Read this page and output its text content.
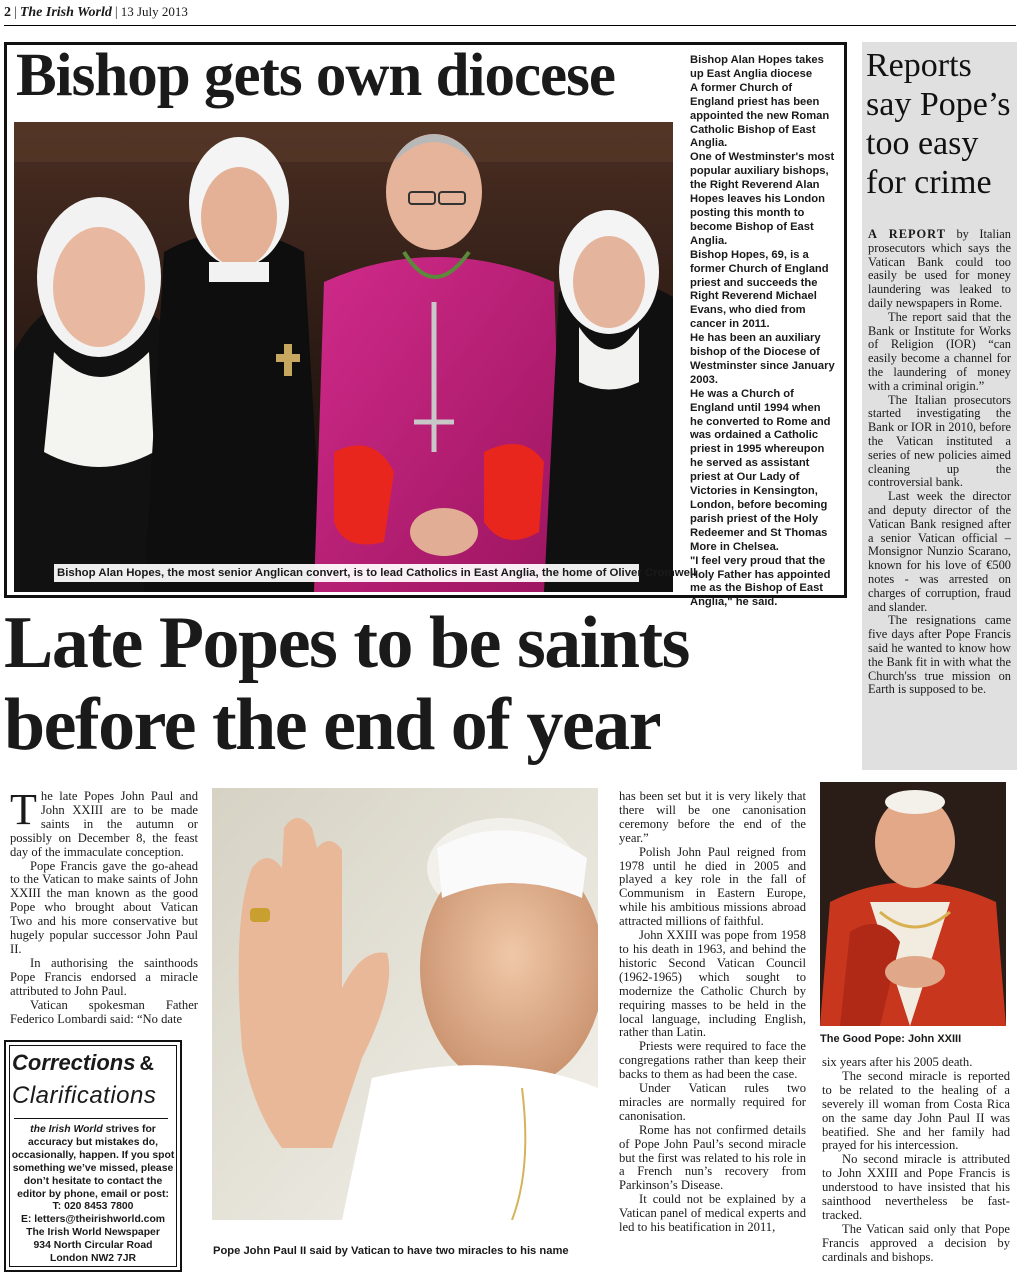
2 | The Irish World | 13 July 2013
Bishop gets own diocese
Bishop Alan Hopes, the most senior Anglican convert, is to lead Catholics in East Anglia, the home of Oliver Cromwell

Bishop Alan Hopes takes up East Anglia diocese

A former Church of England priest has been appointed the new Roman Catholic Bishop of East Anglia.

One of Westminster's most popular auxiliary bishops, the Right Reverend Alan Hopes leaves his London posting this month to become Bishop of East Anglia.

Bishop Hopes, 69, is a former Church of England priest and succeeds the Right Reverend Michael Evans, who died from cancer in 2011.

He has been an auxiliary bishop of the Diocese of Westminster since January 2003.

He was a Church of England until 1994 when he converted to Rome and was ordained a Catholic priest in 1995 whereupon he served as assistant priest at Our Lady of Victories in Kensington, London, before becoming parish priest of the Holy Redeemer and St Thomas More in Chelsea.

"I feel very proud that the Holy Father has appointed me as the Bishop of East Anglia," he said.

Reports say Pope’s too easy for crime

A REPORT by Italian prosecutors which says the Vatican Bank could too easily be used for money laundering was leaked to daily newspapers in Rome.

The report said that the Bank or Institute for Works of Religion (IOR) “can easily become a channel for the laundering of money with a criminal origin.”

The Italian prosecutors started investigating the Bank or IOR in 2010, before the Vatican instituted a series of new policies aimed cleaning up the controversial bank.

Last week the director and deputy director of the Vatican Bank resigned after a senior Vatican official – Monsignor Nunzio Scarano, known for his love of €500 notes - was arrested on charges of corruption, fraud and slander.

The resignations came five days after Pope Francis said he wanted to know how the Bank fit in with what the Church'ss true mission on Earth is supposed to be.

Late Popes to be saints
before the end of year

The late Popes John Paul and John XXIII are to be made saints in the autumn or possibly on December 8, the feast day of the immaculate conception.

Pope Francis gave the go-ahead to the Vatican to make saints of John XXIII the man known as the good Pope who brought about Vatican Two and his more conservative but hugely popular successor John Paul II.

In authorising the sainthoods Pope Francis endorsed a miracle attributed to John Paul.

Vatican spokesman Father Federico Lombardi said: “No date

Pope John Paul II said by Vatican to have two miracles to his name

has been set but it is very likely that there will be one canonisation ceremony before the end of the year.”

Polish John Paul reigned from 1978 until he died in 2005 and played a key role in the fall of Communism in Eastern Europe, while his ambitious missions abroad attracted millions of faithful.

John XXIII was pope from 1958 to his death in 1963, and behind the historic Second Vatican Council (1962-1965) which sought to modernize the Catholic Church by requiring masses to be held in the local language, including English, rather than Latin.

Priests were required to face the congregations rather than keep their backs to them as had been the case.

Under Vatican rules two miracles are normally required for canonisation.

Rome has not confirmed details of Pope John Paul’s second miracle but the first was related to his role in a French nun’s recovery from Parkinson’s Disease.

It could not be explained by a Vatican panel of medical experts and led to his beatification in 2011,

The Good Pope: John XXIII

six years after his 2005 death.

The second miracle is reported to be related to the healing of a severely ill woman from Costa Rica on the same day John Paul II was beatified. She and her family had prayed for his intercession.

No second miracle is attributed to John XXIII and Pope Francis is understood to have insisted that his sainthood nevertheless be fast-tracked.

The Vatican said only that Pope Francis approved a decision by cardinals and bishops.

Corrections &
Clarifications
the Irish World strives for accuracy but mistakes do, occasionally, happen. If you spot something we’ve missed, please don’t hesitate to contact the editor by phone, email or post:
T: 020 8453 7800
E: letters@theirishworld.com
The Irish World Newspaper
934 North Circular Road
London NW2 7JR
